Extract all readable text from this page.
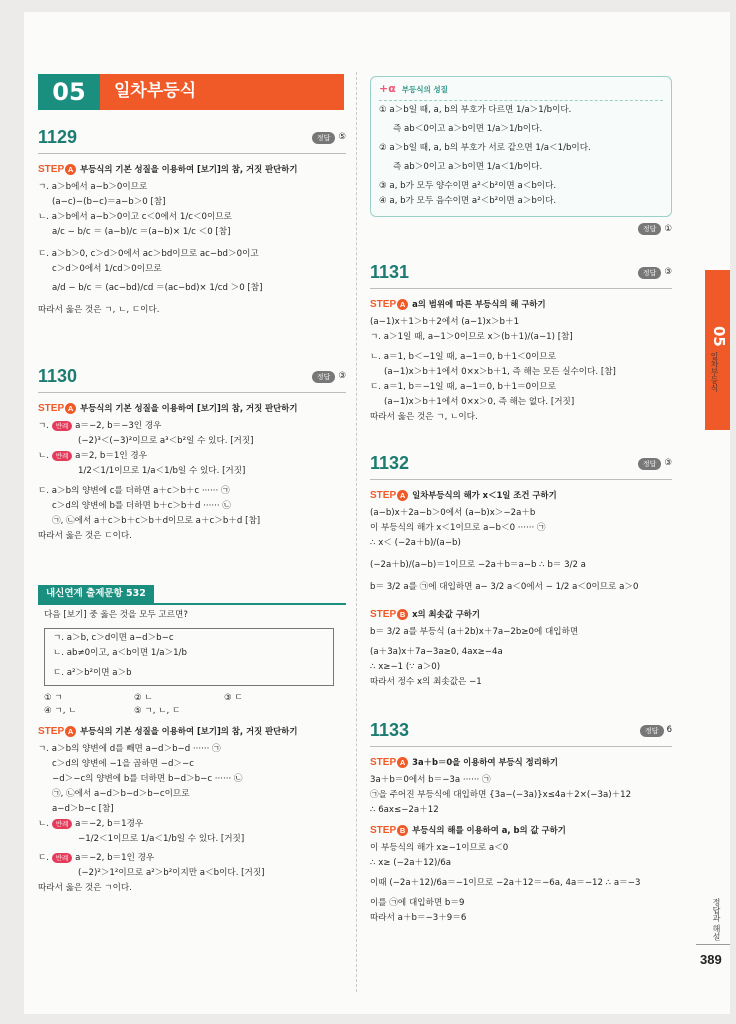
05	일차부등식
1129	정답 ⑤
STEP A 부등식의 기본 성질을 이용하여 [보기]의 참, 거짓 판단하기
ㄱ. a＞b에서 a−b＞0이므로
(a−c)−(b−c)＝a−b＞0 [참]
ㄴ. a＞b에서 a−b＞0이고 c＜0에서 1/c＜0이므로
a/c − b/c ＝ (a−b)/c ＝(a−b)× 1/c ＜0 [참]
ㄷ. a＞b＞0, c＞d＞0에서 ac＞bd이므로 ac−bd＞0이고
c＞d＞0에서 1/cd＞0이므로
a/d − b/c ＝ (ac−bd)/cd ＝(ac−bd)× 1/cd ＞0 [참]
따라서 옳은 것은 ㄱ, ㄴ, ㄷ이다.
1130	정답 ③
STEP A 부등식의 기본 성질을 이용하여 [보기]의 참, 거짓 판단하기
ㄱ. 반례 a＝−2, b＝−3인 경우
(−2)³＜(−3)²이므로 a³＜b²일 수 있다. [거짓]
ㄴ. 반례 a＝2, b＝1인 경우
1/2＜1/1이므로 1/a＜1/b일 수 있다. [거짓]
ㄷ. a＞b의 양변에 c를 더하면 a＋c＞b＋c ······ ㉠
c＞d의 양변에 b를 더하면 b＋c＞b＋d ······ ㉡
㉠, ㉡에서 a＋c＞b＋c＞b＋d이므로 a＋c＞b＋d [참]
따라서 옳은 것은 ㄷ이다.
내신연계 출제문항 532
다음 [보기] 중 옳은 것을 모두 고르면?
ㄱ. a＞b, c＞d이면 a−d＞b−c
ㄴ. ab≠0이고, a＜b이면 1/a＞1/b
ㄷ. a²＞b²이면 a＞b
① ㄱ	② ㄴ	③ ㄷ
④ ㄱ, ㄴ	⑤ ㄱ, ㄴ, ㄷ
STEP A 부등식의 기본 성질을 이용하여 [보기]의 참, 거짓 판단하기
ㄱ. a＞b의 양변에 d를 빼면 a−d＞b−d ······ ㉠
c＞d의 양변에 −1을 곱하면 −d＞−c
−d＞−c의 양변에 b를 더하면 b−d＞b−c ······ ㉡
㉠, ㉡에서 a−d＞b−d＞b−c이므로
a−d＞b−c [참]
ㄴ. 반례 a＝−2, b＝1경우
−1/2＜1이므로 1/a＜1/b일 수 있다. [거짓]
ㄷ. 반례 a＝−2, b＝1인 경우
(−2)²＞1²이므로 a²＞b²이지만 a＜b이다. [거짓]
따라서 옳은 것은 ㄱ이다.
+α 부등식의 성질
① a＞b일 때, a, b의 부호가 다르면 1/a＞1/b이다.
즉 ab＜0이고 a＞b이면 1/a＞1/b이다.
② a＞b일 때, a, b의 부호가 서로 같으면 1/a＜1/b이다.
즉 ab＞0이고 a＞b이면 1/a＜1/b이다.
③ a, b가 모두 양수이면 a²＜b²이면 a＜b이다.
④ a, b가 모두 음수이면 a²＜b²이면 a＞b이다.
정답 ①
1131	정답 ③
STEP A a의 범위에 따른 부등식의 해 구하기
(a−1)x＋1＞b＋2에서 (a−1)x＞b＋1
ㄱ. a＞1일 때, a−1＞0이므로 x＞(b＋1)/(a−1) [참]
ㄴ. a＝1, b＜−1일 때, a−1＝0, b＋1＜0이므로
(a−1)x＞b＋1에서 0×x＞b＋1, 즉 해는 모든 실수이다. [참]
ㄷ. a＝1, b＝−1일 때, a−1＝0, b＋1＝0이므로
(a−1)x＞b＋1에서 0×x＞0, 즉 해는 없다. [거짓]
따라서 옳은 것은 ㄱ, ㄴ이다.
1132	정답 ③
STEP A 일차부등식의 해가 x＜1일 조건 구하기
(a−b)x＋2a−b＞0에서 (a−b)x＞−2a＋b
이 부등식의 해가 x＜1이므로 a−b＜0 ······ ㉠
∴ x＜ (−2a＋b)/(a−b)
(−2a＋b)/(a−b)＝1이므로 −2a＋b＝a−b ∴ b＝ 3/2 a
b＝ 3/2 a를 ㉠에 대입하면 a− 3/2 a＜0에서 − 1/2 a＜0이므로 a＞0
STEP B x의 최솟값 구하기
b＝ 3/2 a를 부등식 (a＋2b)x＋7a−2b≥0에 대입하면
(a＋3a)x＋7a−3a≥0, 4ax≥−4a
∴ x≥−1 (∵ a＞0)
따라서 정수 x의 최솟값은 −1
1133	정답 6
STEP A 3a＋b＝0을 이용하여 부등식 정리하기
3a＋b＝0에서 b＝−3a ······ ㉠
㉠을 주어진 부등식에 대입하면 {3a−(−3a)}x≤4a＋2×(−3a)＋12
∴ 6ax≤−2a＋12
STEP B 부등식의 해를 이용하여 a, b의 값 구하기
이 부등식의 해가 x≥−1이므로 a＜0
∴ x≥ (−2a＋12)/6a
이때 (−2a＋12)/6a＝−1이므로 −2a＋12＝−6a, 4a＝−12 ∴ a＝−3
이를 ㉠에 대입하면 b＝9
따라서 a＋b＝−3＋9＝6
05
일차부등식
정답과 해설
389
